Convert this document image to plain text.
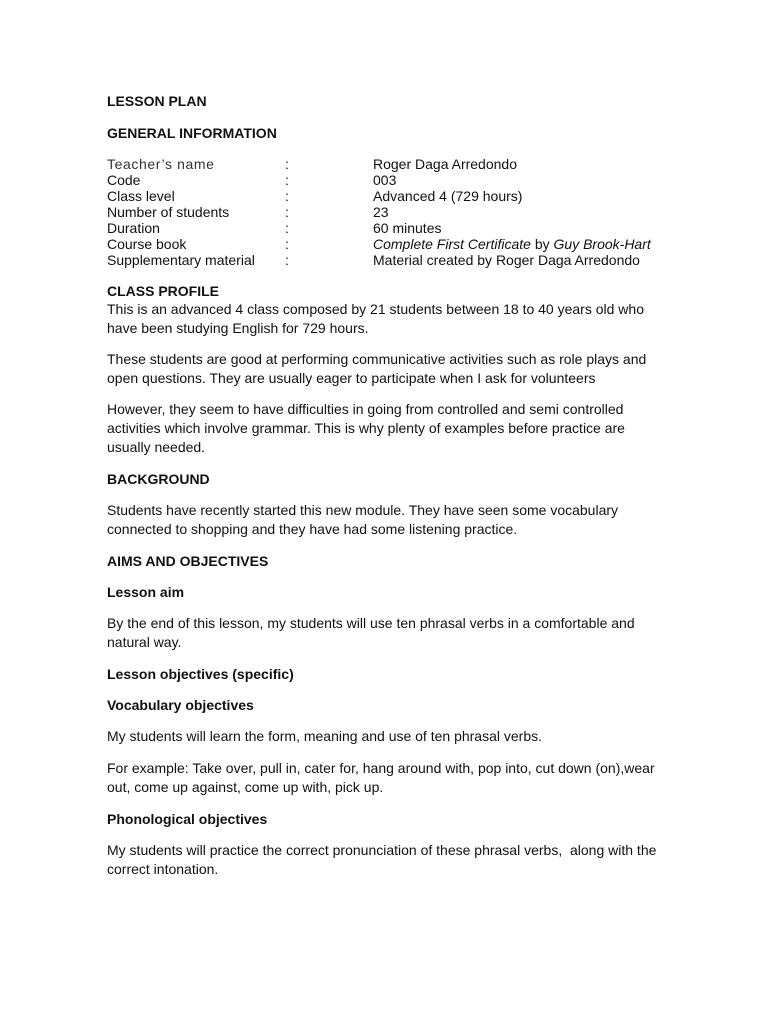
LESSON PLAN

GENERAL INFORMATION

Teacher’s name	:	Roger Daga Arredondo
Code	:	003
Class level	:	Advanced 4 (729 hours)
Number of students	:	23
Duration	:	60 minutes
Course book	:	Complete First Certificate by Guy Brook-Hart
Supplementary material	:	Material created by Roger Daga Arredondo

CLASS PROFILE

This is an advanced 4 class composed by 21 students between 18 to 40 years old who have been studying English for 729 hours.

These students are good at performing communicative activities such as role plays and open questions. They are usually eager to participate when I ask for volunteers

However, they seem to have difficulties in going from controlled and semi controlled activities which involve grammar. This is why plenty of examples before practice are usually needed.

BACKGROUND

Students have recently started this new module. They have seen some vocabulary connected to shopping and they have had some listening practice.

AIMS AND OBJECTIVES

Lesson aim

By the end of this lesson, my students will use ten phrasal verbs in a comfortable and natural way.

Lesson objectives (specific)

Vocabulary objectives

My students will learn the form, meaning and use of ten phrasal verbs.

For example: Take over, pull in, cater for, hang around with, pop into, cut down (on),wear out, come up against, come up with, pick up.

Phonological objectives

My students will practice the correct pronunciation of these phrasal verbs,  along with the correct intonation.
